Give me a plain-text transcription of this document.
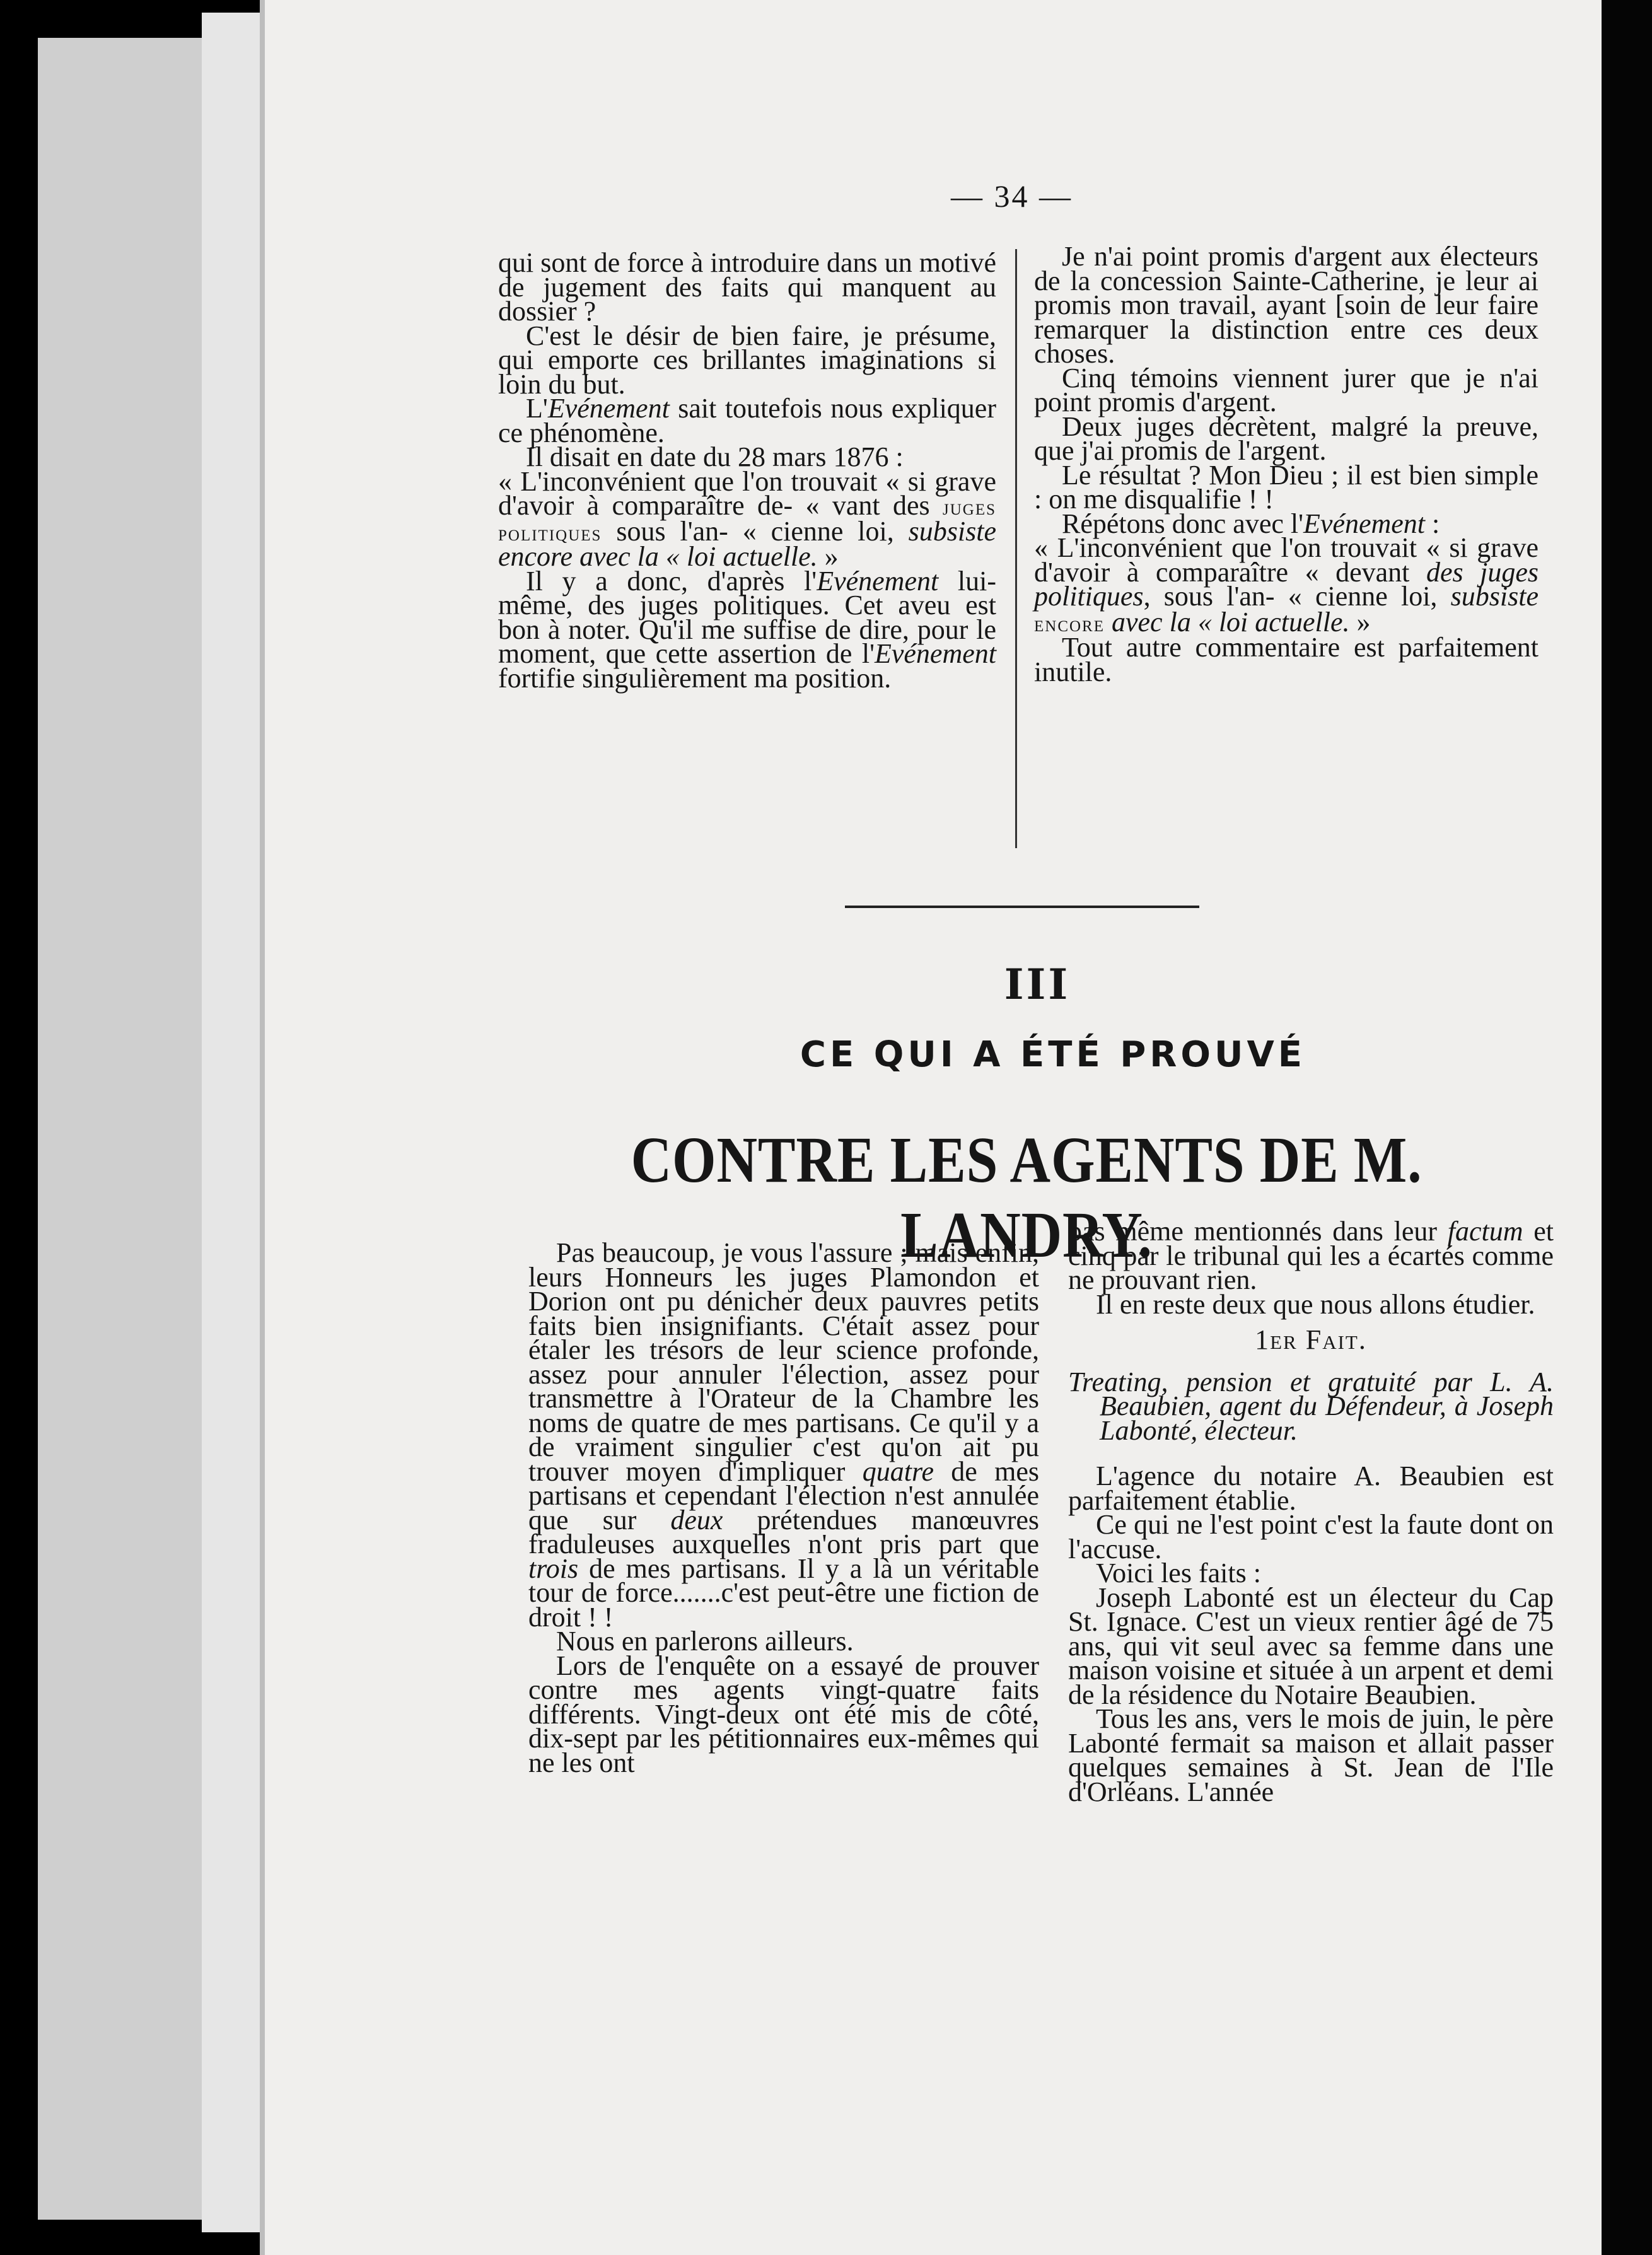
— 34 —

qui sont de force à introduire dans un motivé de jugement des faits qui manquent au dossier ?

C'est le désir de bien faire, je présume, qui emporte ces brillantes imaginations si loin du but.

L'Evénement sait toutefois nous expliquer ce phénomène.

Il disait en date du 28 mars 1876 :

« L'inconvénient que l'on trouvait « si grave d'avoir à comparaître de- « vant des juges politiques sous l'an- « cienne loi, subsiste encore avec la « loi actuelle. »

Il y a donc, d'après l'Evénement lui-même, des juges politiques. Cet aveu est bon à noter. Qu'il me suffise de dire, pour le moment, que cette assertion de l'Evénement fortifie singulièrement ma position.

Je n'ai point promis d'argent aux électeurs de la concession Sainte-Catherine, je leur ai promis mon travail, ayant [soin de leur faire remarquer la distinction entre ces deux choses.

Cinq témoins viennent jurer que je n'ai point promis d'argent.

Deux juges décrètent, malgré la preuve, que j'ai promis de l'argent.

Le résultat ? Mon Dieu ; il est bien simple : on me disqualifie ! !

Répétons donc avec l'Evénement :

« L'inconvénient que l'on trouvait « si grave d'avoir à comparaître « devant des juges politiques, sous l'an- « cienne loi, subsiste encore avec la « loi actuelle. »

Tout autre commentaire est parfaitement inutile.

III
CE QUI A ÉTÉ PROUVÉ
CONTRE LES AGENTS DE M. LANDRY.

Pas beaucoup, je vous l'assure ; mais enfin, leurs Honneurs les juges Plamondon et Dorion ont pu dénicher deux pauvres petits faits bien insignifiants. C'était assez pour étaler les trésors de leur science profonde, assez pour annuler l'élection, assez pour transmettre à l'Orateur de la Chambre les noms de quatre de mes partisans. Ce qu'il y a de vraiment singulier c'est qu'on ait pu trouver moyen d'impliquer quatre de mes partisans et cependant l'élection n'est annulée que sur deux prétendues manœuvres fraduleuses auxquelles n'ont pris part que trois de mes partisans. Il y a là un véritable tour de force.......c'est peut-être une fiction de droit ! !

Nous en parlerons ailleurs.

Lors de l'enquête on a essayé de prouver contre mes agents vingt-quatre faits différents. Vingt-deux ont été mis de côté, dix-sept par les pétitionnaires eux-mêmes qui ne les ont

pas même mentionnés dans leur factum et cinq par le tribunal qui les a écartés comme ne prouvant rien.

Il en reste deux que nous allons étudier.

1er Fait.

Treating, pension et gratuité par L. A. Beaubien, agent du Défendeur, à Joseph Labonté, électeur.

L'agence du notaire A. Beaubien est parfaitement établie.

Ce qui ne l'est point c'est la faute dont on l'accuse.

Voici les faits :

Joseph Labonté est un électeur du Cap St. Ignace. C'est un vieux rentier âgé de 75 ans, qui vit seul avec sa femme dans une maison voisine et située à un arpent et demi de la résidence du Notaire Beaubien.

Tous les ans, vers le mois de juin, le père Labonté fermait sa maison et allait passer quelques semaines à St. Jean de l'Ile d'Orléans. L'année
